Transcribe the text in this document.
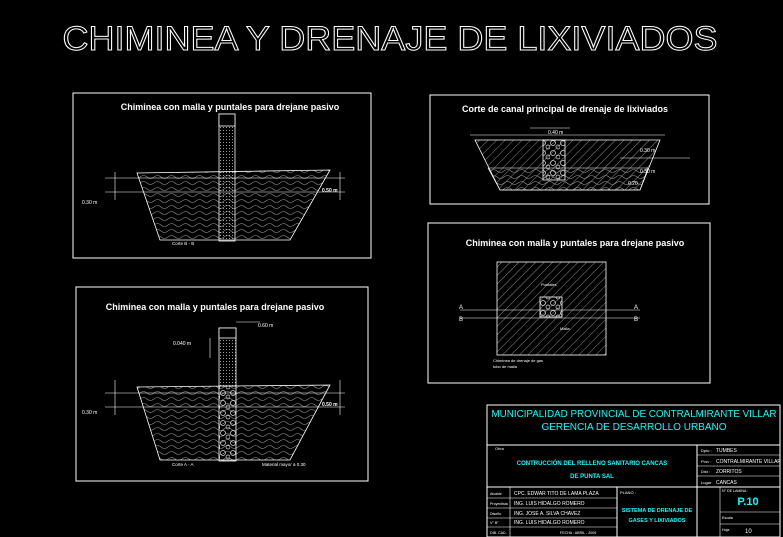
CHIMINEA Y DRENAJE DE LIXIVIADOS
Chiminea con malla y puntales para drejane pasivo
0.30 m
0.50 m
Corte B - B
Corte de canal principal de drenaje de lixiviados
0.40 m
0.30 m
0.30 m
0.20
Chiminea con malla y puntales para drejane pasivo
A
B
A
B
Puntales
Malla
Chiminea de drenaje de gas
tubo de malla
Chiminea con malla y puntales para drejane pasivo
0.60 m
0.040 m
0.30 m
0.50 m
Corte A - A	Material mayor a 0.30
MUNICIPALIDAD PROVINCIAL DE CONTRALMIRANTE VILLAR
GERENCIA DE DESARROLLO URBANO
Obra
CONTRUCCIÓN DEL RELLENO SANITARIO CANCAS
DE PUNTA SAL
Dpto : TUMBES
Prov : CONTRALMIRANTE VILLAR
Dist : ZORRITOS
Lugar CANCAS
Alcalde CPC. EDWAR TITO DE LAMA PLAZA
Proyectista ING. LUIS HIDALGO ROMERO
Diseño	ING. JOSE A. SILVA CHAVEZ
V° B°	ING. LUIS HIDALGO ROMERO
DIB. CAD.	FECHA : ABRIL - 2009
PLANO :
SISTEMA DE DRENAJE DE
GASES Y LIXIVIADOS
N° DE LAMINA :
P.10
Escala
Hoja	10
